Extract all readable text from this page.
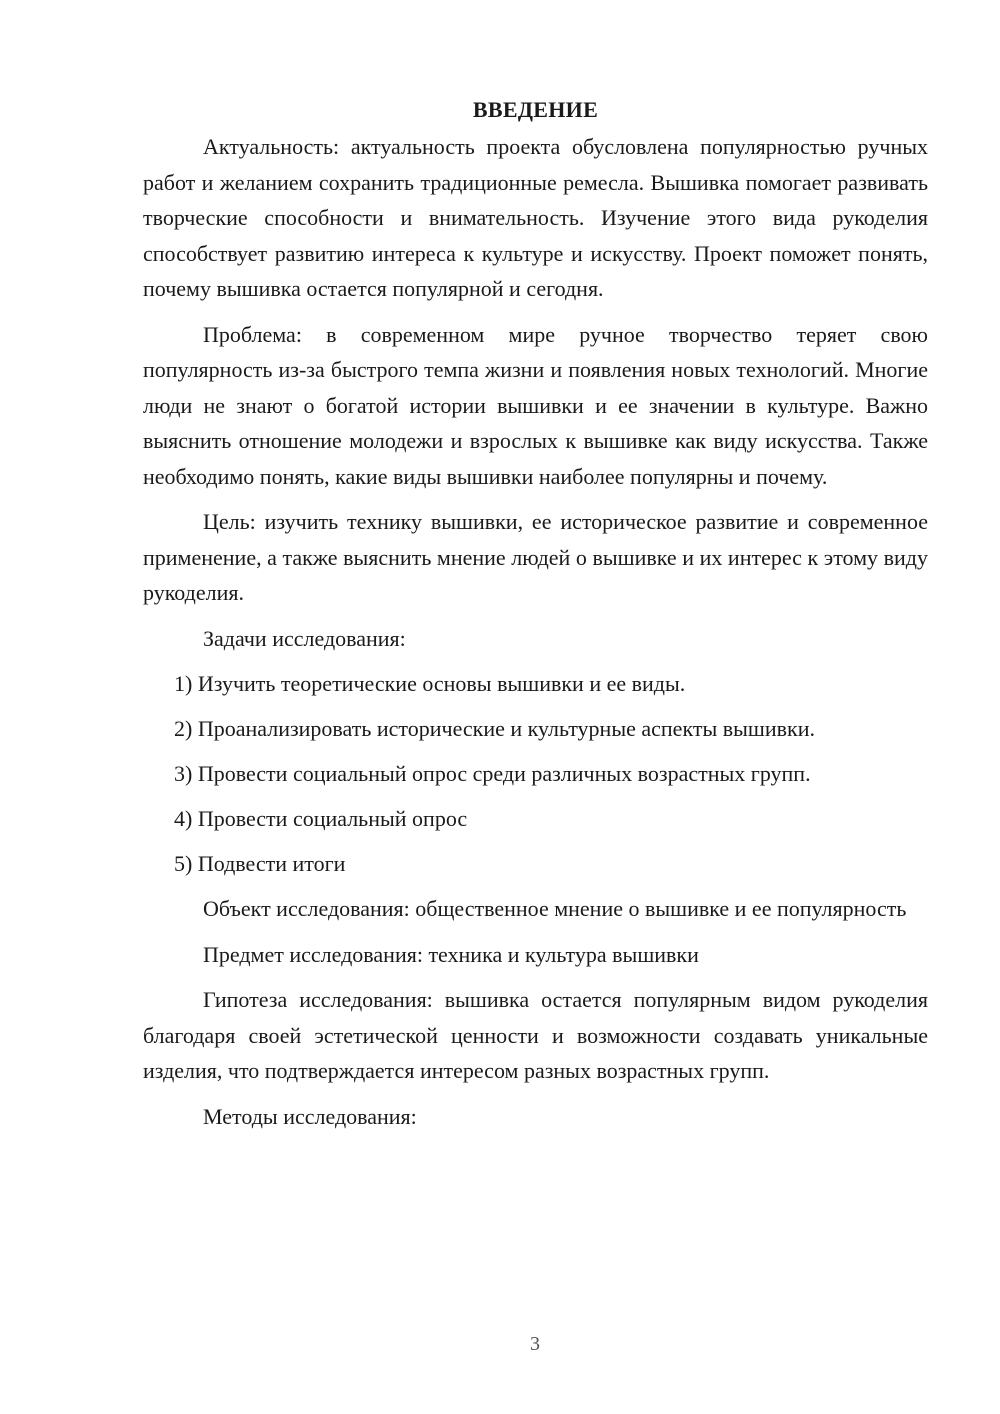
ВВЕДЕНИЕ

Актуальность: актуальность проекта обусловлена популярностью ручных работ и желанием сохранить традиционные ремесла. Вышивка помогает развивать творческие способности и внимательность. Изучение этого вида рукоделия способствует развитию интереса к культуре и искусству. Проект поможет понять, почему вышивка остается популярной и сегодня.

Проблема: в современном мире ручное творчество теряет свою популярность из-за быстрого темпа жизни и появления новых технологий. Многие люди не знают о богатой истории вышивки и ее значении в культуре. Важно выяснить отношение молодежи и взрослых к вышивке как виду искусства. Также необходимо понять, какие виды вышивки наиболее популярны и почему.

Цель: изучить технику вышивки, ее историческое развитие и современное применение, а также выяснить мнение людей о вышивке и их интерес к этому виду рукоделия.

Задачи исследования:

1) Изучить теоретические основы вышивки и ее виды.
2) Проанализировать исторические и культурные аспекты вышивки.
3) Провести социальный опрос среди различных возрастных групп.
4) Провести социальный опрос
5) Подвести итоги

Объект исследования: общественное мнение о вышивке и ее популярность

Предмет исследования: техника и культура вышивки

Гипотеза исследования: вышивка остается популярным видом рукоделия благодаря своей эстетической ценности и возможности создавать уникальные изделия, что подтверждается интересом разных возрастных групп.

Методы исследования:

3
